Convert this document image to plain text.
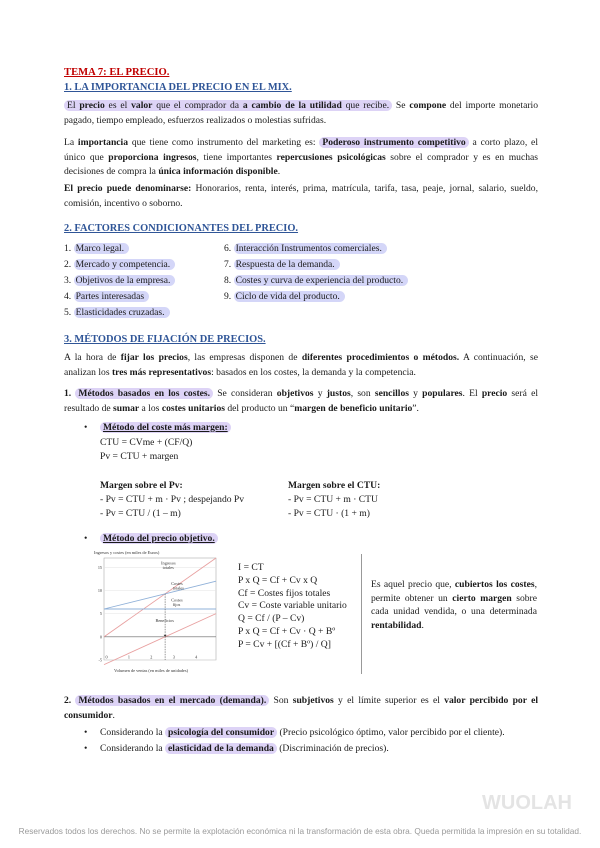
TEMA 7: EL PRECIO.
1. LA IMPORTANCIA DEL PRECIO EN EL MIX.

El precio es el valor que el comprador da a cambio de la utilidad que recibe. Se compone del importe monetario pagado, tiempo empleado, esfuerzos realizados o molestias sufridas.

La importancia que tiene como instrumento del marketing es: Poderoso instrumento competitivo a corto plazo, el único que proporciona ingresos, tiene importantes repercusiones psicológicas sobre el comprador y es en muchas decisiones de compra la única información disponible.

El precio puede denominarse: Honorarios, renta, interés, prima, matrícula, tarifa, tasa, peaje, jornal, salario, sueldo, comisión, incentivo o soborno.

2. FACTORES CONDICIONANTES DEL PRECIO.
1. Marco legal.
2. Mercado y competencia.
3. Objetivos de la empresa.
4. Partes interesadas
5. Elasticidades cruzadas.
6. Interacción Instrumentos comerciales.
7. Respuesta de la demanda.
8. Costes y curva de experiencia del producto.
9. Ciclo de vida del producto.
3. MÉTODOS DE FIJACIÓN DE PRECIOS.

A la hora de fijar los precios, las empresas disponen de diferentes procedimientos o métodos. A continuación, se analizan los tres más representativos: basados en los costes, la demanda y la competencia.

1. Métodos basados en los costes. Se consideran objetivos y justos, son sencillos y populares. El precio será el resultado de sumar a los costes unitarios del producto un “margen de beneficio unitario”.

•	Método del coste más margen:
CTU = CVme + (CF/Q)
Pv = CTU + margen
Margen sobre el Pv:
- Pv = CTU + m · Pv ; despejando Pv
- Pv = CTU / (1 – m)
Margen sobre el CTU:
- Pv = CTU + m · CTU
- Pv = CTU · (1 + m)
•	Método del precio objetivo.
Ingresos y costes (en miles de Euros)
15
10
5
0
-5
0	1	2	3	4
Ingresos totales
Costes totales
Costes fijos
Beneficios
Volumen de ventas (en miles de unidades)
I = CT
P x Q = Cf + Cv x Q
Cf = Costes fijos totales
Cv = Coste variable unitario
Q = Cf / (P – Cv)
P x Q = Cf + Cv · Q + Bº
P = Cv + [(Cf + Bº) / Q]

Es aquel precio que, cubiertos los costes, permite obtener un cierto margen sobre cada unidad vendida, o una determinada rentabilidad.

2. Métodos basados en el mercado (demanda). Son subjetivos y el límite superior es el valor percibido por el consumidor.

• Considerando la psicología del consumidor (Precio psicológico óptimo, valor percibido por el cliente).
• Considerando la elasticidad de la demanda (Discriminación de precios).
WUOLAH
Reservados todos los derechos. No se permite la explotación económica ni la transformación de esta obra. Queda permitida la impresión en su totalidad.
